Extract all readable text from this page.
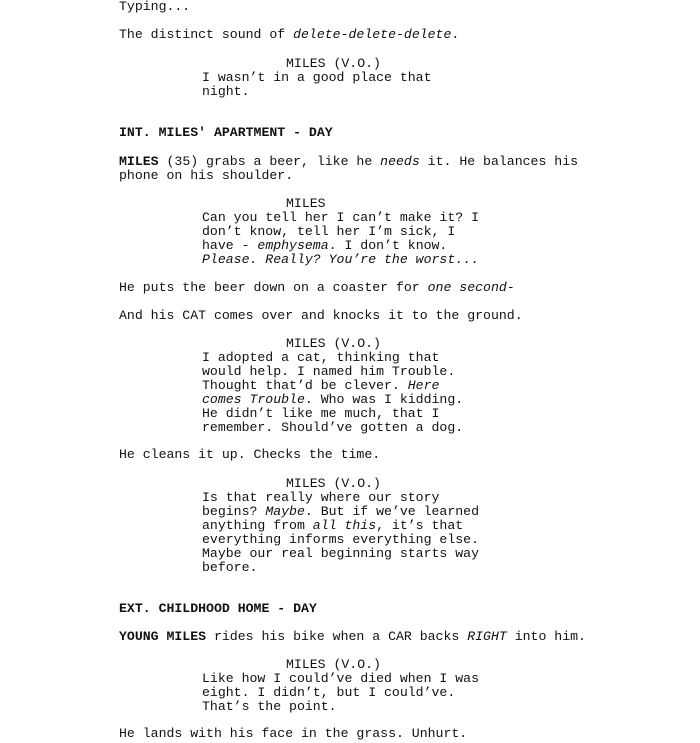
Typing...
The distinct sound of delete-delete-delete.
MILES (V.O.)
I wasn’t in a good place that
night.
INT. MILES' APARTMENT - DAY
MILES (35) grabs a beer, like he needs it. He balances his
phone on his shoulder.
MILES
Can you tell her I can’t make it? I
don’t know, tell her I’m sick, I
have - emphysema. I don’t know.
Please. Really? You’re the worst...
He puts the beer down on a coaster for one second-
And his CAT comes over and knocks it to the ground.
MILES (V.O.)
I adopted a cat, thinking that
would help. I named him Trouble.
Thought that’d be clever. Here
comes Trouble. Who was I kidding.
He didn’t like me much, that I
remember. Should’ve gotten a dog.
He cleans it up. Checks the time.
MILES (V.O.)
Is that really where our story
begins? Maybe. But if we’ve learned
anything from all this, it’s that
everything informs everything else.
Maybe our real beginning starts way
before.
EXT. CHILDHOOD HOME - DAY
YOUNG MILES rides his bike when a CAR backs RIGHT into him.
MILES (V.O.)
Like how I could’ve died when I was
eight. I didn’t, but I could’ve.
That’s the point.
He lands with his face in the grass. Unhurt.
